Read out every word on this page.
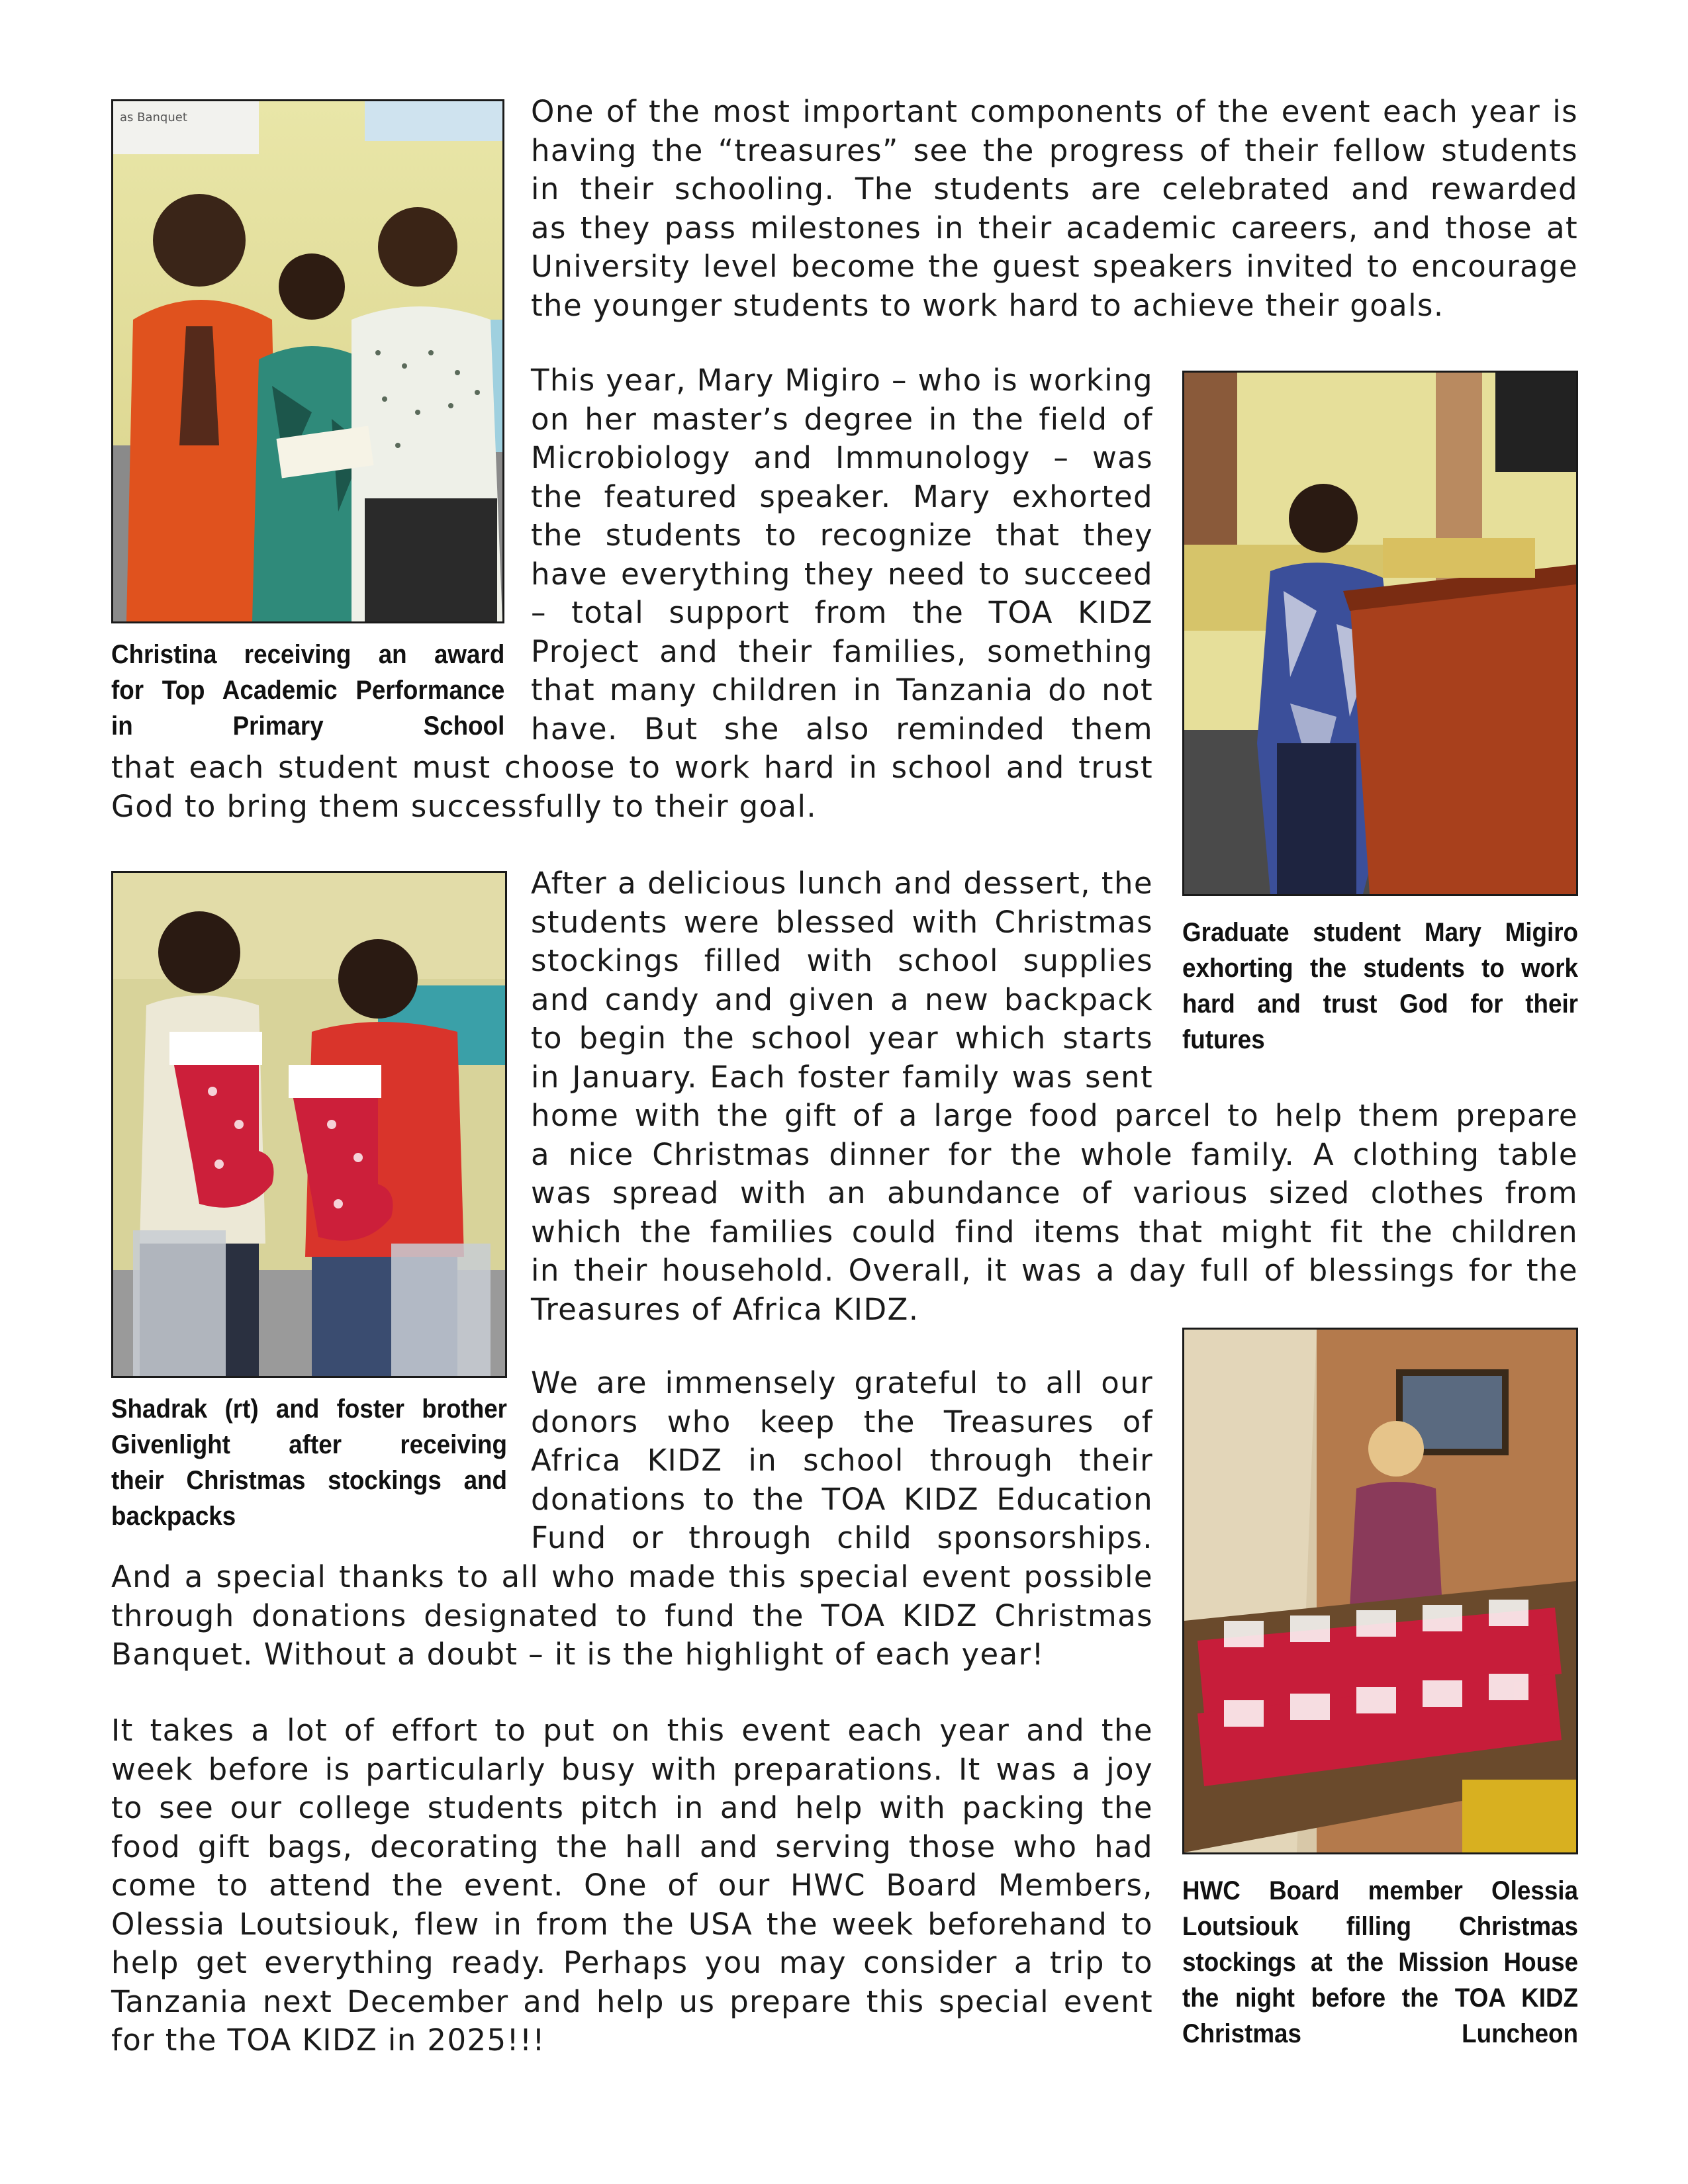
as Banquet
Christina receiving an award
for Top Academic Performance
in Primary School
Graduate student Mary Migiro
exhorting the students to work
hard and trust God for their
futures
Shadrak (rt) and foster brother
Givenlight after receiving
their Christmas stockings and
backpacks
HWC Board member Olessia
Loutsiouk filling Christmas
stockings at the Mission House
the night before the TOA KIDZ
Christmas Luncheon
One of the most important components of the event each year is
having the “treasures” see the progress of their fellow students
in their schooling. The students are celebrated and rewarded
as they pass milestones in their academic careers, and those at
University level become the guest speakers invited to encourage
the younger students to work hard to achieve their goals.
This year, Mary Migiro – who is working
on her master’s degree in the field of
Microbiology and Immunology – was
the featured speaker. Mary exhorted
the students to recognize that they
have everything they need to succeed
– total support from the TOA KIDZ
Project and their families, something
that many children in Tanzania do not
have. But she also reminded them
that each student must choose to work hard in school and trust
God to bring them successfully to their goal.
After a delicious lunch and dessert, the
students were blessed with Christmas
stockings filled with school supplies
and candy and given a new backpack
to begin the school year which starts
in January. Each foster family was sent
home with the gift of a large food parcel to help them prepare
a nice Christmas dinner for the whole family. A clothing table
was spread with an abundance of various sized clothes from
which the families could find items that might fit the children
in their household. Overall, it was a day full of blessings for the
Treasures of Africa KIDZ.
We are immensely grateful to all our
donors who keep the Treasures of
Africa KIDZ in school through their
donations to the TOA KIDZ Education
Fund or through child sponsorships.
And a special thanks to all who made this special event possible
through donations designated to fund the TOA KIDZ Christmas
Banquet. Without a doubt – it is the highlight of each year!
It takes a lot of effort to put on this event each year and the
week before is particularly busy with preparations. It was a joy
to see our college students pitch in and help with packing the
food gift bags, decorating the hall and serving those who had
come to attend the event. One of our HWC Board Members,
Olessia Loutsiouk, flew in from the USA the week beforehand to
help get everything ready. Perhaps you may consider a trip to
Tanzania next December and help us prepare this special event
for the TOA KIDZ in 2025!!!
